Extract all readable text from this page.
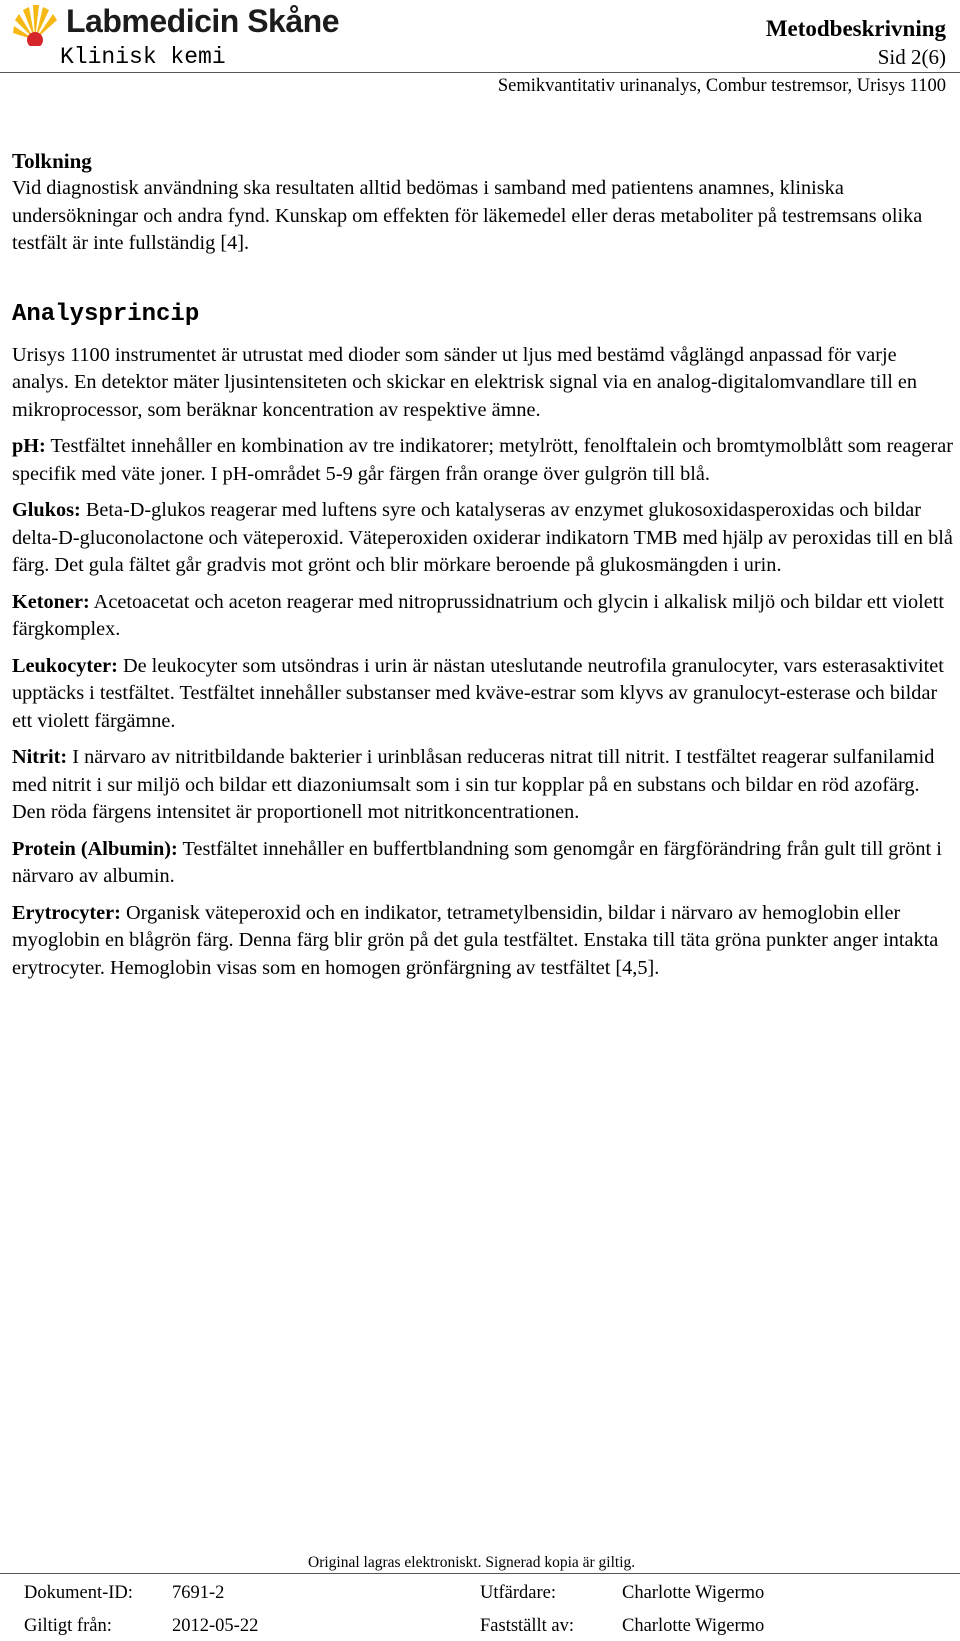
Labmedicin Skåne
Klinisk kemi
Metodbeskrivning
Sid 2(6)
Semikvantitativ urinanalys, Combur testremsor, Urisys 1100
Tolkning

Vid diagnostisk användning ska resultaten alltid bedömas i samband med patientens anamnes, kliniska undersökningar och andra fynd. Kunskap om effekten för läkemedel eller deras metaboliter på testremsans olika testfält är inte fullständig [4].

Analysprincip

Urisys 1100 instrumentet är utrustat med dioder som sänder ut ljus med bestämd våglängd anpassad för varje analys. En detektor mäter ljusintensiteten och skickar en elektrisk signal via en analog-digitalomvandlare till en mikroprocessor, som beräknar koncentration av respektive ämne.

pH: Testfältet innehåller en kombination av tre indikatorer; metylrött, fenolftalein och bromtymolblått som reagerar specifik med väte joner. I pH-området 5-9 går färgen från orange över gulgrön till blå.

Glukos: Beta-D-glukos reagerar med luftens syre och katalyseras av enzymet glukosoxidasperoxidas och bildar delta-D-gluconolactone och väteperoxid. Väteperoxiden oxiderar indikatorn TMB med hjälp av peroxidas till en blå färg. Det gula fältet går gradvis mot grönt och blir mörkare beroende på glukosmängden i urin.

Ketoner: Acetoacetat och aceton reagerar med nitroprussidnatrium och glycin i alkalisk miljö och bildar ett violett färgkomplex.

Leukocyter: De leukocyter som utsöndras i urin är nästan uteslutande neutrofila granulocyter, vars esterasaktivitet upptäcks i testfältet. Testfältet innehåller substanser med kväve-estrar som klyvs av granulocyt-esterase och bildar ett violett färgämne.

Nitrit: I närvaro av nitritbildande bakterier i urinblåsan reduceras nitrat till nitrit. I testfältet reagerar sulfanilamid med nitrit i sur miljö och bildar ett diazoniumsalt som i sin tur kopplar på en substans och bildar en röd azofärg. Den röda färgens intensitet är proportionell mot nitritkoncentrationen.

Protein (Albumin): Testfältet innehåller en buffertblandning som genomgår en färgförändring från gult till grönt i närvaro av albumin.

Erytrocyter: Organisk väteperoxid och en indikator, tetrametylbensidin, bildar i närvaro av hemoglobin eller myoglobin en blågrön färg. Denna färg blir grön på det gula testfältet. Enstaka till täta gröna punkter anger intakta erytrocyter. Hemoglobin visas som en homogen grönfärgning av testfältet [4,5].

Original lagras elektroniskt. Signerad kopia är giltig.
Dokument-ID: 7691-2	Utfärdare:	Charlotte Wigermo
Giltigt från:	2012-05-22	Fastställt av:	Charlotte Wigermo
